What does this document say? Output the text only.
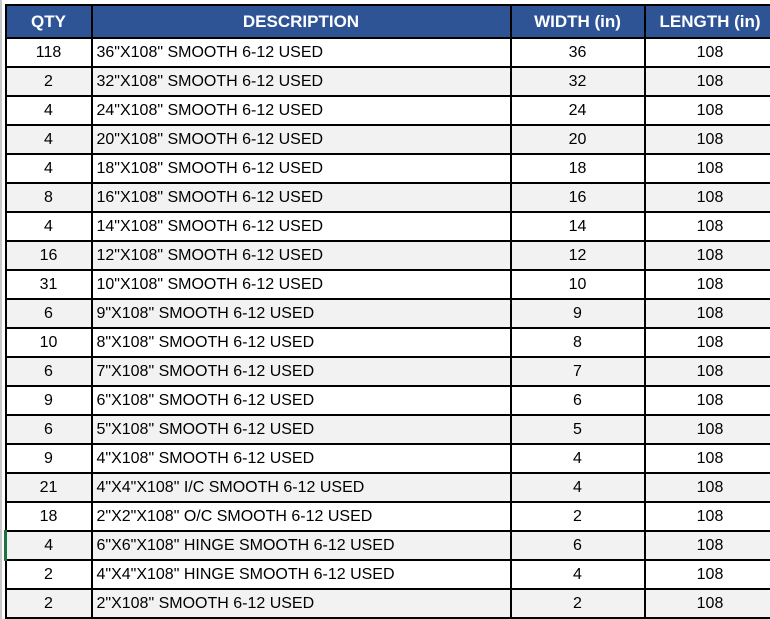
QTY	DESCRIPTION	WIDTH (in)	LENGTH (in)
118	36"X108" SMOOTH 6-12 USED	36	108
2	32"X108" SMOOTH 6-12 USED	32	108
4	24"X108" SMOOTH 6-12 USED	24	108
4	20"X108" SMOOTH 6-12 USED	20	108
4	18"X108" SMOOTH 6-12 USED	18	108
8	16"X108" SMOOTH 6-12 USED	16	108
4	14"X108" SMOOTH 6-12 USED	14	108
16	12"X108" SMOOTH 6-12 USED	12	108
31	10"X108" SMOOTH 6-12 USED	10	108
6	9"X108" SMOOTH 6-12 USED	9	108
10	8"X108" SMOOTH 6-12 USED	8	108
6	7"X108" SMOOTH 6-12 USED	7	108
9	6"X108" SMOOTH 6-12 USED	6	108
6	5"X108" SMOOTH 6-12 USED	5	108
9	4"X108" SMOOTH 6-12 USED	4	108
21	4"X4"X108" I/C SMOOTH 6-12 USED	4	108
18	2"X2"X108" O/C SMOOTH 6-12 USED	2	108
4	6"X6"X108" HINGE SMOOTH 6-12 USED	6	108
2	4"X4"X108" HINGE SMOOTH 6-12 USED	4	108
2	2"X108" SMOOTH 6-12 USED	2	108
